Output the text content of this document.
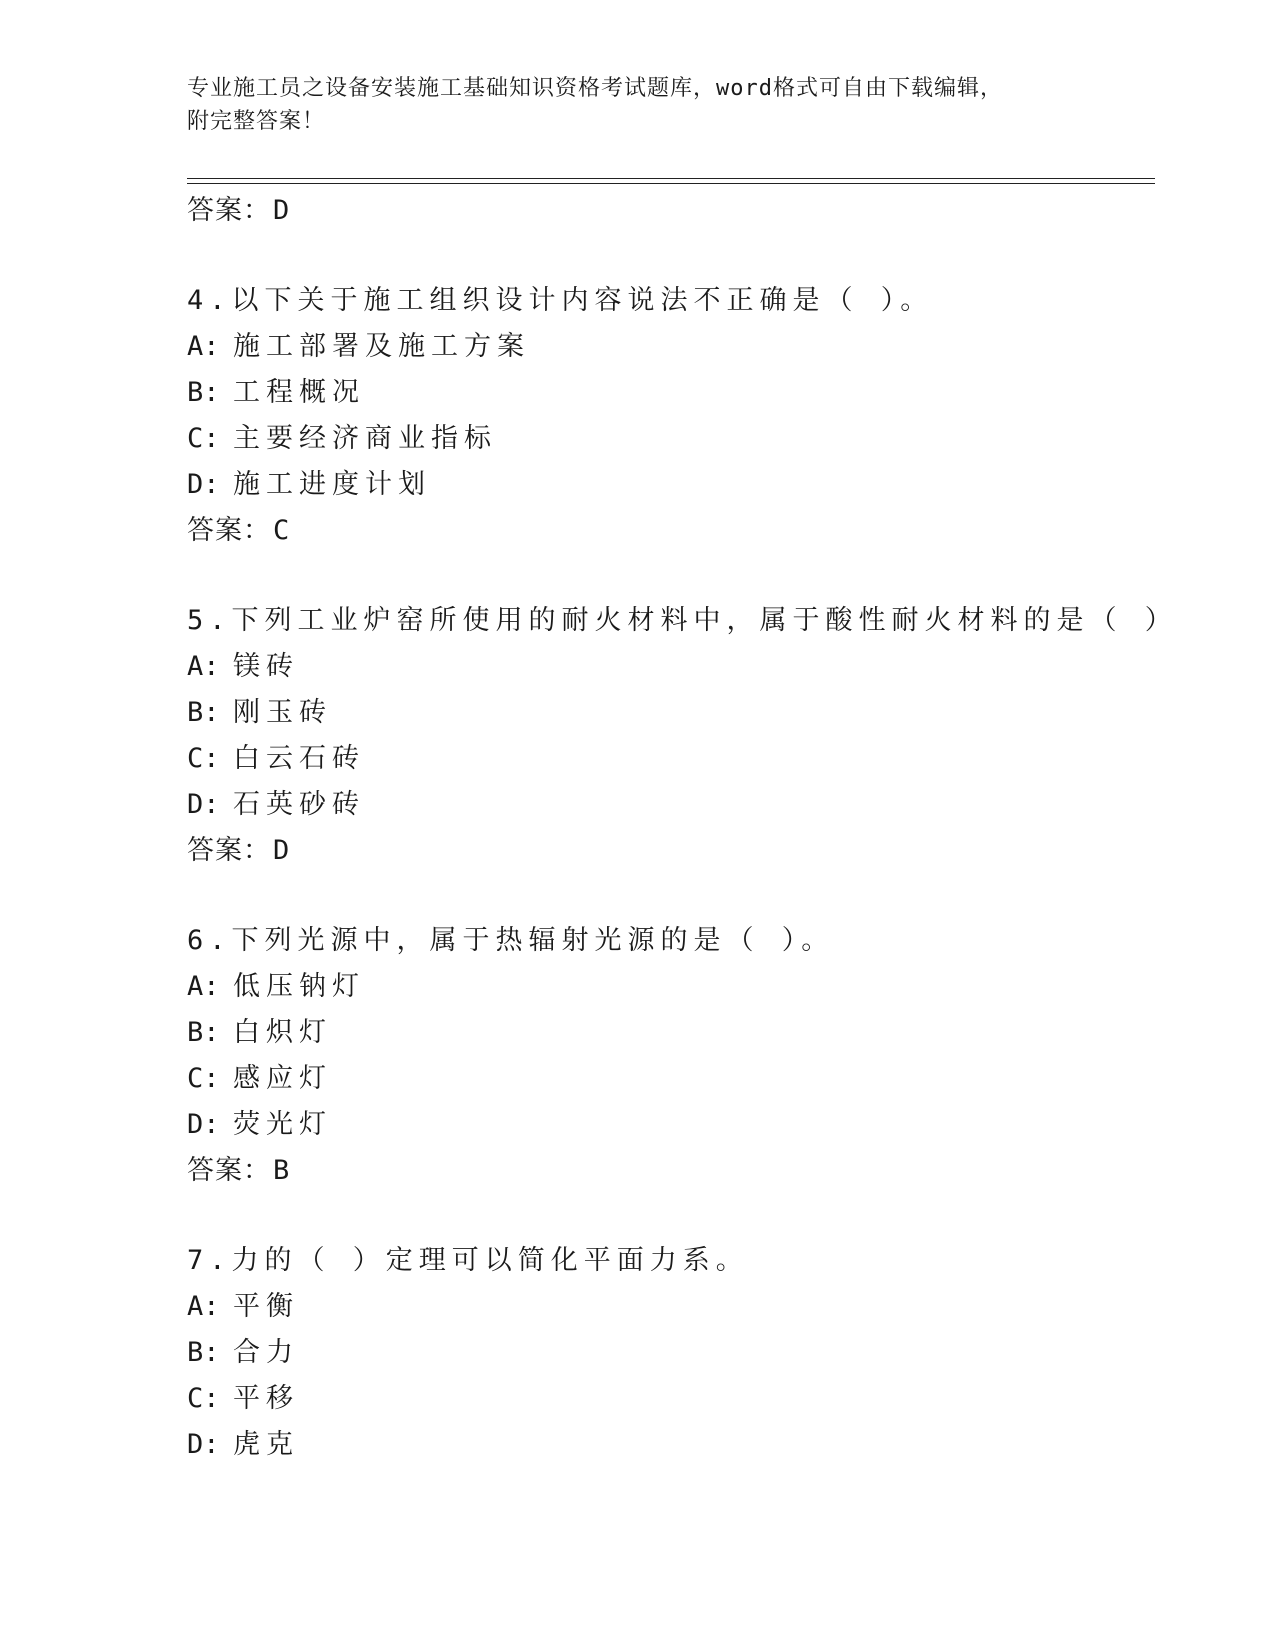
专业施工员之设备安装施工基础知识资格考试题库，word格式可自由下载编辑，
附完整答案！
答案：D
4.以下关于施工组织设计内容说法不正确是（ ）。
A: 施工部署及施工方案
B: 工程概况
C: 主要经济商业指标
D: 施工进度计划
答案：C
5.下列工业炉窑所使用的耐火材料中，属于酸性耐火材料的是（ ）
A: 镁砖
B: 刚玉砖
C: 白云石砖
D: 石英砂砖
答案：D
6.下列光源中，属于热辐射光源的是（ ）。
A: 低压钠灯
B: 白炽灯
C: 感应灯
D: 荧光灯
答案：B
7.力的（ ）定理可以简化平面力系。
A: 平衡
B: 合力
C: 平移
D: 虎克
